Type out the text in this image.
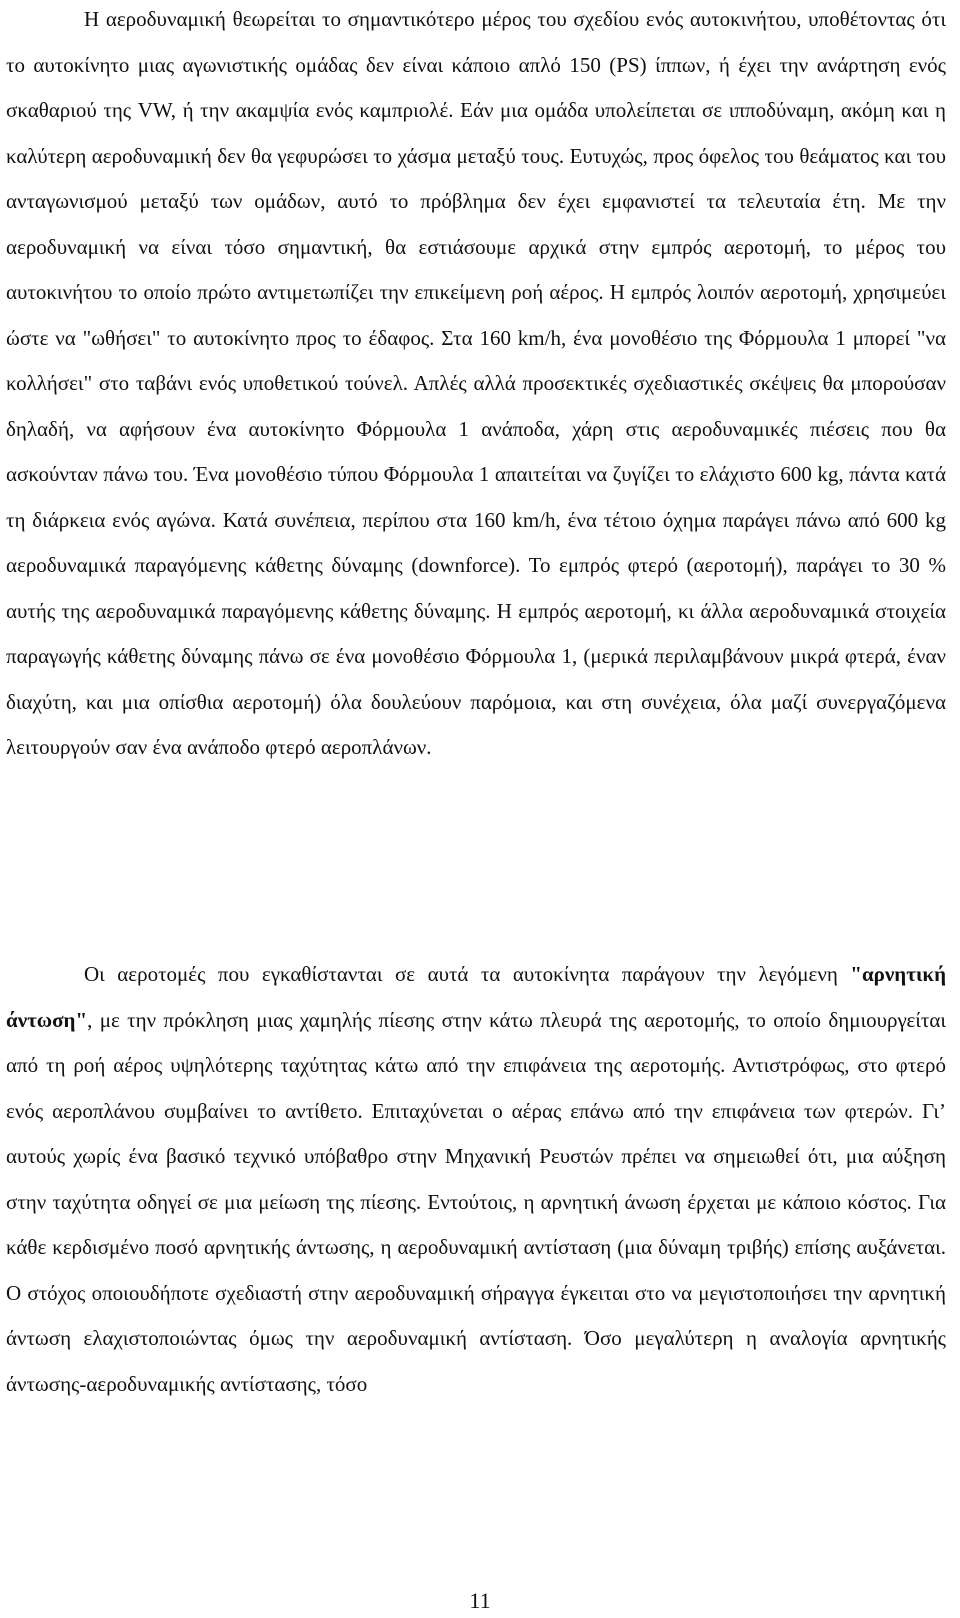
Η αεροδυναμική θεωρείται το σημαντικότερο μέρος του σχεδίου ενός αυτοκινήτου, υποθέτοντας ότι το αυτοκίνητο μιας αγωνιστικής ομάδας δεν είναι κάποιο απλό 150 (PS) ίππων, ή έχει την ανάρτηση ενός σκαθαριού της VW, ή την ακαμψία ενός καμπριολέ. Εάν μια ομάδα υπολείπεται σε ιπποδύναμη, ακόμη και η καλύτερη αεροδυναμική δεν θα γεφυρώσει το χάσμα μεταξύ τους. Ευτυχώς, προς όφελος του θεάματος και του ανταγωνισμού μεταξύ των ομάδων, αυτό το πρόβλημα δεν έχει εμφανιστεί τα τελευταία έτη. Με την αεροδυναμική να είναι τόσο σημαντική, θα εστιάσουμε αρχικά στην εμπρός αεροτομή, το μέρος του αυτοκινήτου το οποίο πρώτο αντιμετωπίζει την επικείμενη ροή αέρος. Η εμπρός λοιπόν αεροτομή, χρησιμεύει ώστε να "ωθήσει" το αυτοκίνητο προς το έδαφος. Στα 160 km/h, ένα μονοθέσιο της Φόρμουλα 1 μπορεί "να κολλήσει" στο ταβάνι ενός υποθετικού τούνελ. Απλές αλλά προσεκτικές σχεδιαστικές σκέψεις θα μπορούσαν δηλαδή, να αφήσουν ένα αυτοκίνητο Φόρμουλα 1 ανάποδα, χάρη στις αεροδυναμικές πιέσεις που θα ασκούνταν πάνω του. Ένα μονοθέσιο τύπου Φόρμουλα 1 απαιτείται να ζυγίζει το ελάχιστο 600 kg, πάντα κατά τη διάρκεια ενός αγώνα. Κατά συνέπεια, περίπου στα 160 km/h, ένα τέτοιο όχημα παράγει πάνω από 600 kg αεροδυναμικά παραγόμενης κάθετης δύναμης (downforce). Το εμπρός φτερό (αεροτομή), παράγει το 30 % αυτής της αεροδυναμικά παραγόμενης κάθετης δύναμης. Η εμπρός αεροτομή, κι άλλα αεροδυναμικά στοιχεία παραγωγής κάθετης δύναμης πάνω σε ένα μονοθέσιο Φόρμουλα 1, (μερικά περιλαμβάνουν μικρά φτερά, έναν διαχύτη, και μια οπίσθια αεροτομή) όλα δουλεύουν παρόμοια, και στη συνέχεια, όλα μαζί συνεργαζόμενα λειτουργούν σαν ένα ανάποδο φτερό αεροπλάνων.

Οι αεροτομές που εγκαθίστανται σε αυτά τα αυτοκίνητα παράγουν την λεγόμενη "αρνητική άντωση", με την πρόκληση μιας χαμηλής πίεσης στην κάτω πλευρά της αεροτομής, το οποίο δημιουργείται από τη ροή αέρος υψηλότερης ταχύτητας κάτω από την επιφάνεια της αεροτομής. Αντιστρόφως, στο φτερό ενός αεροπλάνου συμβαίνει το αντίθετο. Επιταχύνεται ο αέρας επάνω από την επιφάνεια των φτερών. Γι’ αυτούς χωρίς ένα βασικό τεχνικό υπόβαθρο στην Μηχανική Ρευστών πρέπει να σημειωθεί ότι, μια αύξηση στην ταχύτητα οδηγεί σε μια μείωση της πίεσης. Εντούτοις, η αρνητική άνωση έρχεται με κάποιο κόστος. Για κάθε κερδισμένο ποσό αρνητικής άντωσης, η αεροδυναμική αντίσταση (μια δύναμη τριβής) επίσης αυξάνεται. Ο στόχος οποιουδήποτε σχεδιαστή στην αεροδυναμική σήραγγα έγκειται στο να μεγιστοποιήσει την αρνητική άντωση ελαχιστοποιώντας όμως την αεροδυναμική αντίσταση. Όσο μεγαλύτερη η αναλογία αρνητικής άντωσης-αεροδυναμικής αντίστασης, τόσο

11
